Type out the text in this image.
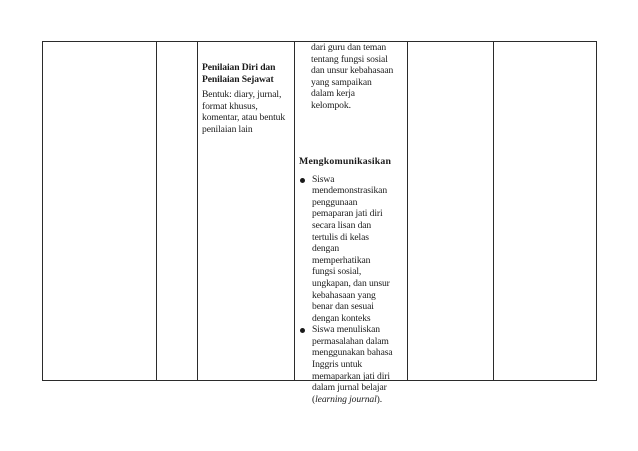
Penilaian Diri dan
Penilaian Sejawat
Bentuk: diary, jurnal,
format khusus,
komentar, atau bentuk
penilaian lain
dari guru dan teman
tentang fungsi sosial
dan unsur kebahasaan
yang sampaikan
dalam kerja
kelompok.
Mengkomunikasikan
Siswa
mendemonstrasikan
penggunaan
pemaparan jati diri
secara lisan dan
tertulis di kelas
dengan
memperhatikan
fungsi sosial,
ungkapan, dan unsur
kebahasaan yang
benar dan sesuai
dengan konteks
Siswa menuliskan
permasalahan dalam
menggunakan bahasa
Inggris untuk
memaparkan jati diri
dalam jurnal belajar
(learning journal).
